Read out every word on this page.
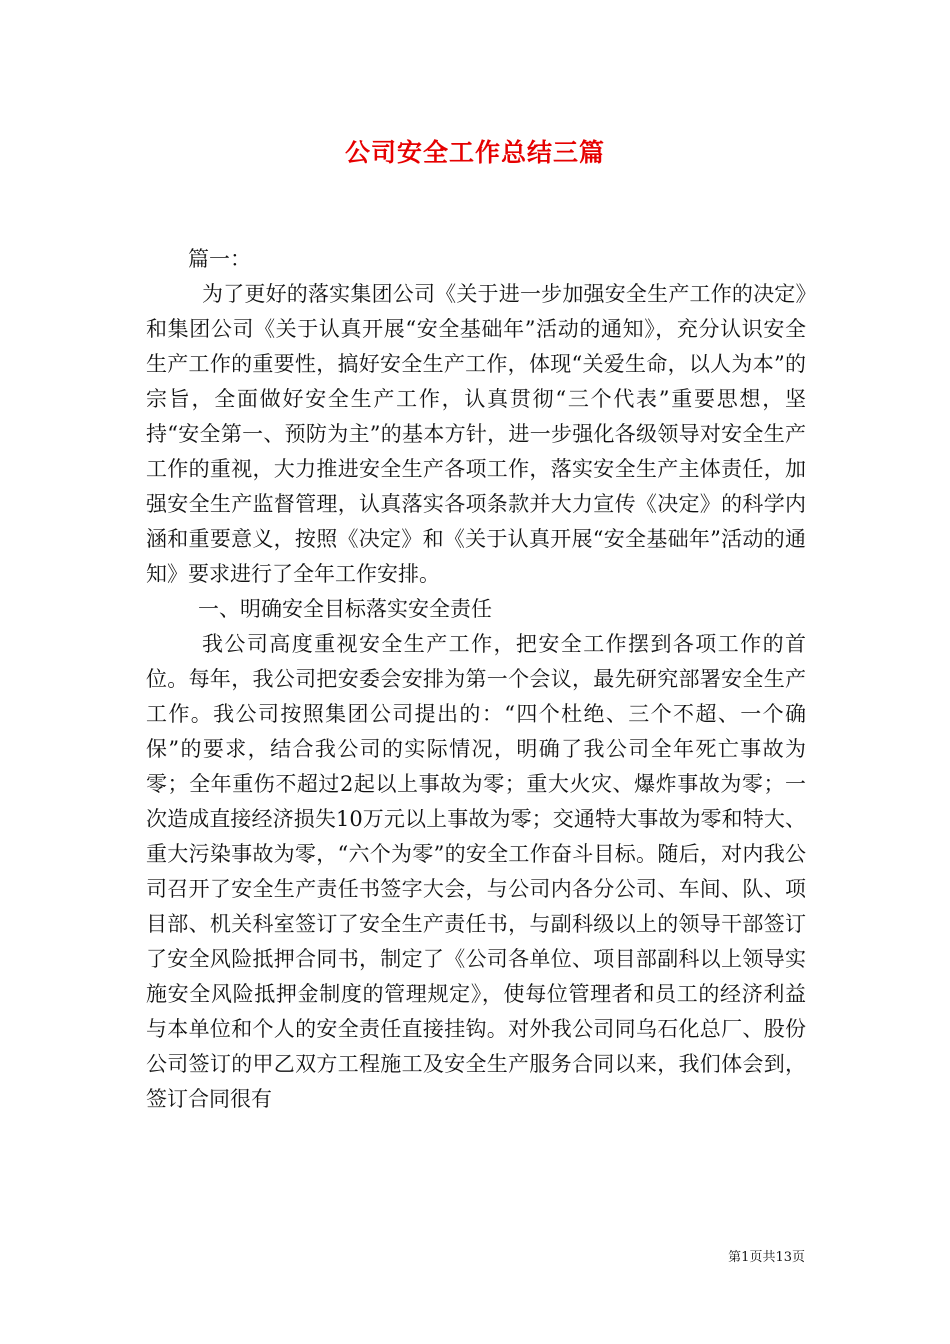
公司安全工作总结三篇

篇一：

为了更好的落实集团公司《关于进一步加强安全生产工作的决定》和集团公司《关于认真开展“安全基础年”活动的通知》，充分认识安全生产工作的重要性，搞好安全生产工作，体现“关爱生命，以人为本”的宗旨，全面做好安全生产工作，认真贯彻“三个代表”重要思想，坚持“安全第一、预防为主”的基本方针，进一步强化各级领导对安全生产工作的重视，大力推进安全生产各项工作，落实安全生产主体责任，加强安全生产监督管理，认真落实各项条款并大力宣传《决定》的科学内涵和重要意义，按照《决定》和《关于认真开展“安全基础年”活动的通知》要求进行了全年工作安排。

一、明确安全目标落实安全责任

我公司高度重视安全生产工作，把安全工作摆到各项工作的首位。每年，我公司把安委会安排为第一个会议，最先研究部署安全生产工作。我公司按照集团公司提出的：“四个杜绝、三个不超、一个确保”的要求，结合我公司的实际情况，明确了我公司全年死亡事故为零；全年重伤不超过2起以上事故为零；重大火灾、爆炸事故为零；一次造成直接经济损失10万元以上事故为零；交通特大事故为零和特大、重大污染事故为零，“六个为零”的安全工作奋斗目标。随后，对内我公司召开了安全生产责任书签字大会，与公司内各分公司、车间、队、项目部、机关科室签订了安全生产责任书，与副科级以上的领导干部签订了安全风险抵押合同书，制定了《公司各单位、项目部副科以上领导实施安全风险抵押金制度的管理规定》，使每位管理者和员工的经济利益与本单位和个人的安全责任直接挂钩。对外我公司同乌石化总厂、股份公司签订的甲乙双方工程施工及安全生产服务合同以来，我们体会到，签订合同很有

第1页共13页
